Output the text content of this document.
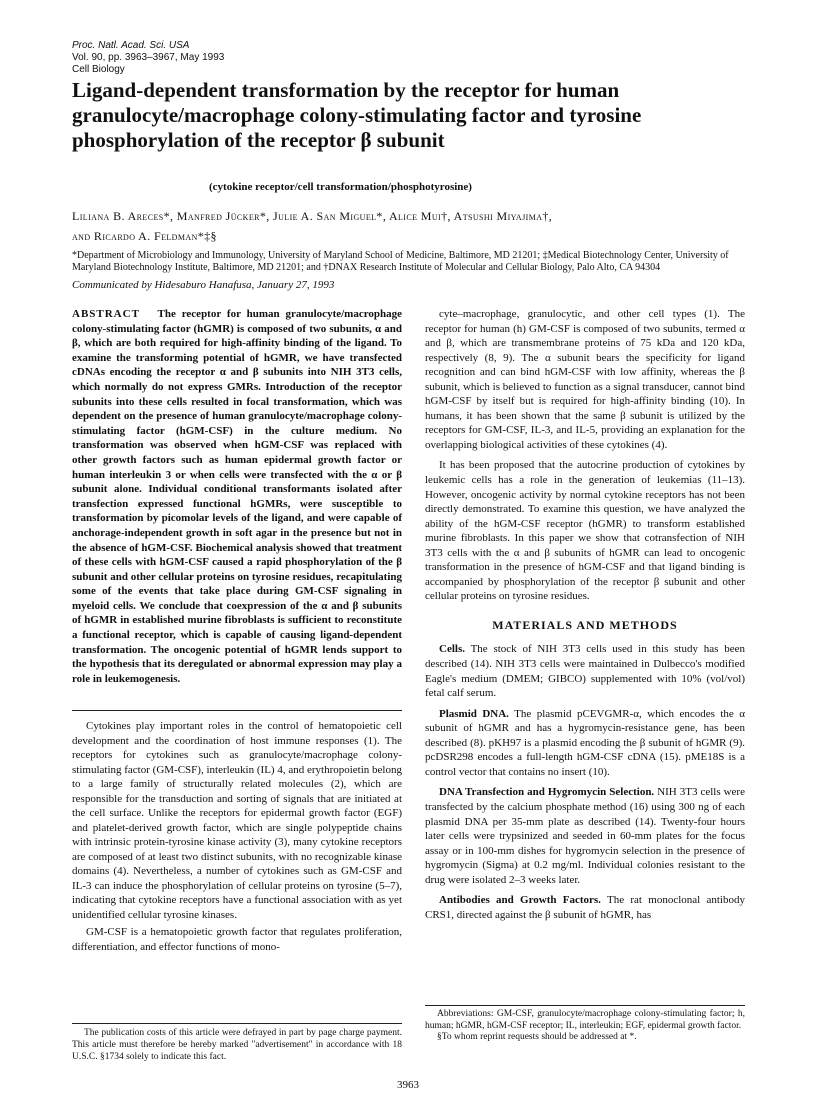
Proc. Natl. Acad. Sci. USA
Vol. 90, pp. 3963–3967, May 1993
Cell Biology
Ligand-dependent transformation by the receptor for human granulocyte/macrophage colony-stimulating factor and tyrosine phosphorylation of the receptor β subunit
(cytokine receptor/cell transformation/phosphotyrosine)
Liliana B. Areces*, Manfred Jücker*, Julie A. San Miguel*, Alice Mui†, Atsushi Miyajima†,
and Ricardo A. Feldman*‡§
*Department of Microbiology and Immunology, University of Maryland School of Medicine, Baltimore, MD 21201; ‡Medical Biotechnology Center, University of Maryland Biotechnology Institute, Baltimore, MD 21201; and †DNAX Research Institute of Molecular and Cellular Biology, Palo Alto, CA 94304
Communicated by Hidesaburo Hanafusa, January 27, 1993

ABSTRACT The receptor for human granulocyte/macrophage colony-stimulating factor (hGMR) is composed of two subunits, α and β, which are both required for high-affinity binding of the ligand. To examine the transforming potential of hGMR, we have transfected cDNAs encoding the receptor α and β subunits into NIH 3T3 cells, which normally do not express GMRs. Introduction of the receptor subunits into these cells resulted in focal transformation, which was dependent on the presence of human granulocyte/macrophage colony-stimulating factor (hGM-CSF) in the culture medium. No transformation was observed when hGM-CSF was replaced with other growth factors such as human epidermal growth factor or human interleukin 3 or when cells were transfected with the α or β subunit alone. Individual conditional transformants isolated after transfection expressed functional hGMRs, were susceptible to transformation by picomolar levels of the ligand, and were capable of anchorage-independent growth in soft agar in the presence but not in the absence of hGM-CSF. Biochemical analysis showed that treatment of these cells with hGM-CSF caused a rapid phosphorylation of the β subunit and other cellular proteins on tyrosine residues, recapitulating some of the events that take place during GM-CSF signaling in myeloid cells. We conclude that coexpression of the α and β subunits of hGMR in established murine fibroblasts is sufficient to reconstitute a functional receptor, which is capable of causing ligand-dependent transformation. The oncogenic potential of hGMR lends support to the hypothesis that its deregulated or abnormal expression may play a role in leukemogenesis.

Cytokines play important roles in the control of hematopoietic cell development and the coordination of host immune responses (1). The receptors for cytokines such as granulocyte/macrophage colony-stimulating factor (GM-CSF), interleukin (IL) 4, and erythropoietin belong to a large family of structurally related molecules (2), which are responsible for the transduction and sorting of signals that are initiated at the cell surface. Unlike the receptors for epidermal growth factor (EGF) and platelet-derived growth factor, which are single polypeptide chains with intrinsic protein-tyrosine kinase activity (3), many cytokine receptors are composed of at least two distinct subunits, with no recognizable kinase domains (4). Nevertheless, a number of cytokines such as GM-CSF and IL-3 can induce the phosphorylation of cellular proteins on tyrosine (5–7), indicating that cytokine receptors have a functional association with as yet unidentified cellular tyrosine kinases.

GM-CSF is a hematopoietic growth factor that regulates proliferation, differentiation, and effector functions of mono-

cyte–macrophage, granulocytic, and other cell types (1). The receptor for human (h) GM-CSF is composed of two subunits, termed α and β, which are transmembrane proteins of 75 kDa and 120 kDa, respectively (8, 9). The α subunit bears the specificity for ligand recognition and can bind hGM-CSF with low affinity, whereas the β subunit, which is believed to function as a signal transducer, cannot bind hGM-CSF by itself but is required for high-affinity binding (10). In humans, it has been shown that the same β subunit is utilized by the receptors for GM-CSF, IL-3, and IL-5, providing an explanation for the overlapping biological activities of these cytokines (4).

It has been proposed that the autocrine production of cytokines by leukemic cells has a role in the generation of leukemias (11–13). However, oncogenic activity by normal cytokine receptors has not been directly demonstrated. To examine this question, we have analyzed the ability of the hGM-CSF receptor (hGMR) to transform established murine fibroblasts. In this paper we show that cotransfection of NIH 3T3 cells with the α and β subunits of hGMR can lead to oncogenic transformation in the presence of hGM-CSF and that ligand binding is accompanied by phosphorylation of the receptor β subunit and other cellular proteins on tyrosine residues.

MATERIALS AND METHODS

Cells. The stock of NIH 3T3 cells used in this study has been described (14). NIH 3T3 cells were maintained in Dulbecco's modified Eagle's medium (DMEM; GIBCO) supplemented with 10% (vol/vol) fetal calf serum.

Plasmid DNA. The plasmid pCEVGMR-α, which encodes the α subunit of hGMR and has a hygromycin-resistance gene, has been described (8). pKH97 is a plasmid encoding the β subunit of hGMR (9). pcDSR298 encodes a full-length hGM-CSF cDNA (15). pME18S is a control vector that contains no insert (10).

DNA Transfection and Hygromycin Selection. NIH 3T3 cells were transfected by the calcium phosphate method (16) using 300 ng of each plasmid DNA per 35-mm plate as described (14). Twenty-four hours later cells were trypsinized and seeded in 60-mm plates for the focus assay or in 100-mm dishes for hygromycin selection in the presence of hygromycin (Sigma) at 0.2 mg/ml. Individual colonies resistant to the drug were isolated 2–3 weeks later.

Antibodies and Growth Factors. The rat monoclonal antibody CRS1, directed against the β subunit of hGMR, has

The publication costs of this article were defrayed in part by page charge payment. This article must therefore be hereby marked "advertisement" in accordance with 18 U.S.C. §1734 solely to indicate this fact.

Abbreviations: GM-CSF, granulocyte/macrophage colony-stimulating factor; h, human; hGMR, hGM-CSF receptor; IL, interleukin; EGF, epidermal growth factor.

§To whom reprint requests should be addressed at *.

3963
